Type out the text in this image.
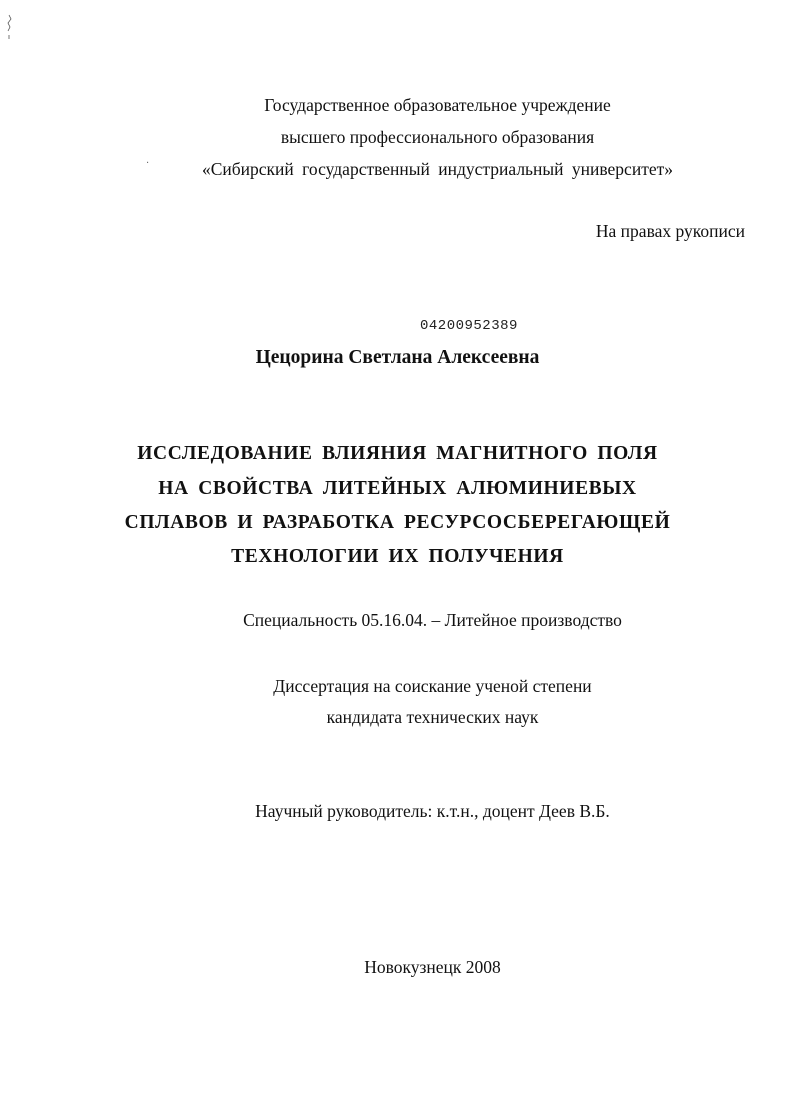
·
Государственное образовательное учреждение
высшего профессионального образования
«Сибирский государственный индустриальный университет»
На правах рукописи
04200952389
Цецорина Светлана Алексеевна
ИССЛЕДОВАНИЕ ВЛИЯНИЯ МАГНИТНОГО ПОЛЯ
НА СВОЙСТВА ЛИТЕЙНЫХ АЛЮМИНИЕВЫХ
СПЛАВОВ И РАЗРАБОТКА РЕСУРСОСБЕРЕГАЮЩЕЙ
ТЕХНОЛОГИИ ИХ ПОЛУЧЕНИЯ
Специальность 05.16.04. – Литейное производство
Диссертация на соискание ученой степени
кандидата технических наук
Научный руководитель: к.т.н., доцент Деев В.Б.
Новокузнецк 2008
